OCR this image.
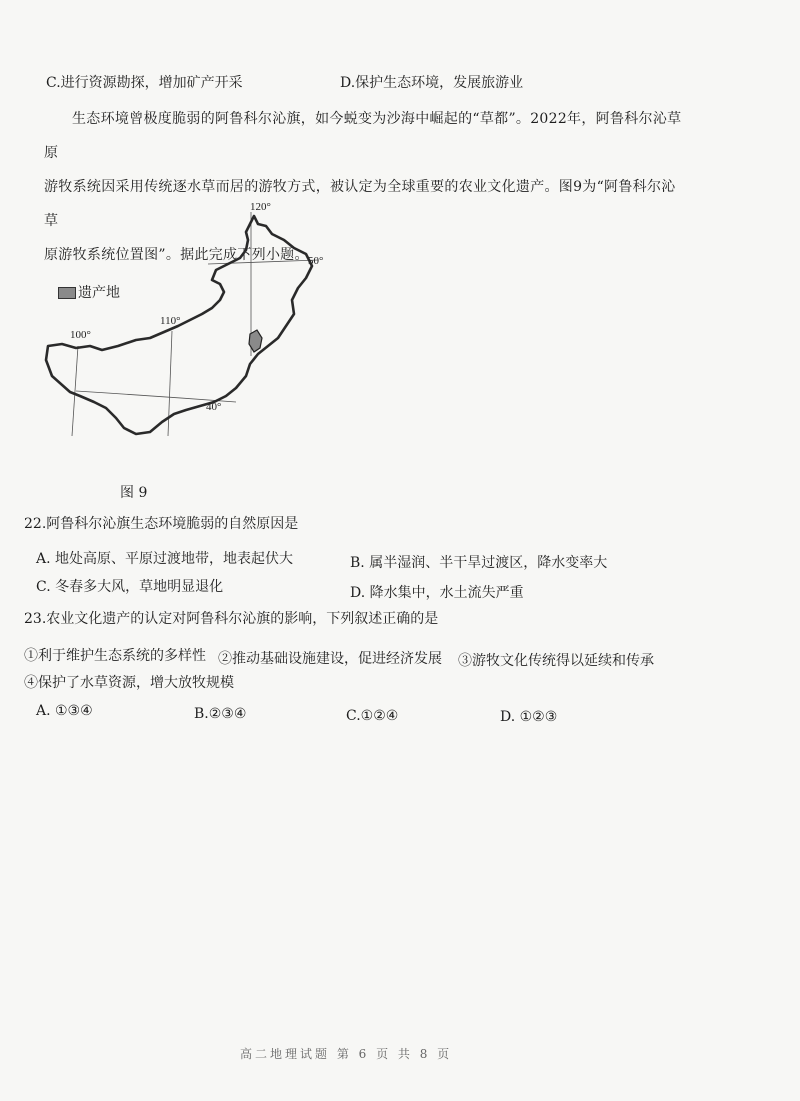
C.进行资源勘探，增加矿产开采	D.保护生态环境，发展旅游业
生态环境曾极度脆弱的阿鲁科尔沁旗，如今蜕变为沙海中崛起的“草都”。2022年，阿鲁科尔沁草原
游牧系统因采用传统逐水草而居的游牧方式，被认定为全球重要的农业文化遗产。图9为“阿鲁科尔沁草
原游牧系统位置图”。据此完成下列小题。
120°
50°
110°
100°
40°
遗产地
图 9
22.阿鲁科尔沁旗生态环境脆弱的自然原因是
A. 地处高原、平原过渡地带，地表起伏大	B. 属半湿润、半干旱过渡区，降水变率大
C. 冬春多大风，草地明显退化	D. 降水集中，水土流失严重
23.农业文化遗产的认定对阿鲁科尔沁旗的影响，下列叙述正确的是
①利于维护生态系统的多样性 ②推动基础设施建设，促进经济发展 ③游牧文化传统得以延续和传承
④保护了水草资源，增大放牧规模
A. ①③④	B.②③④	C.①②④	D. ①②③
高二地理试题 第 6 页 共 8 页
